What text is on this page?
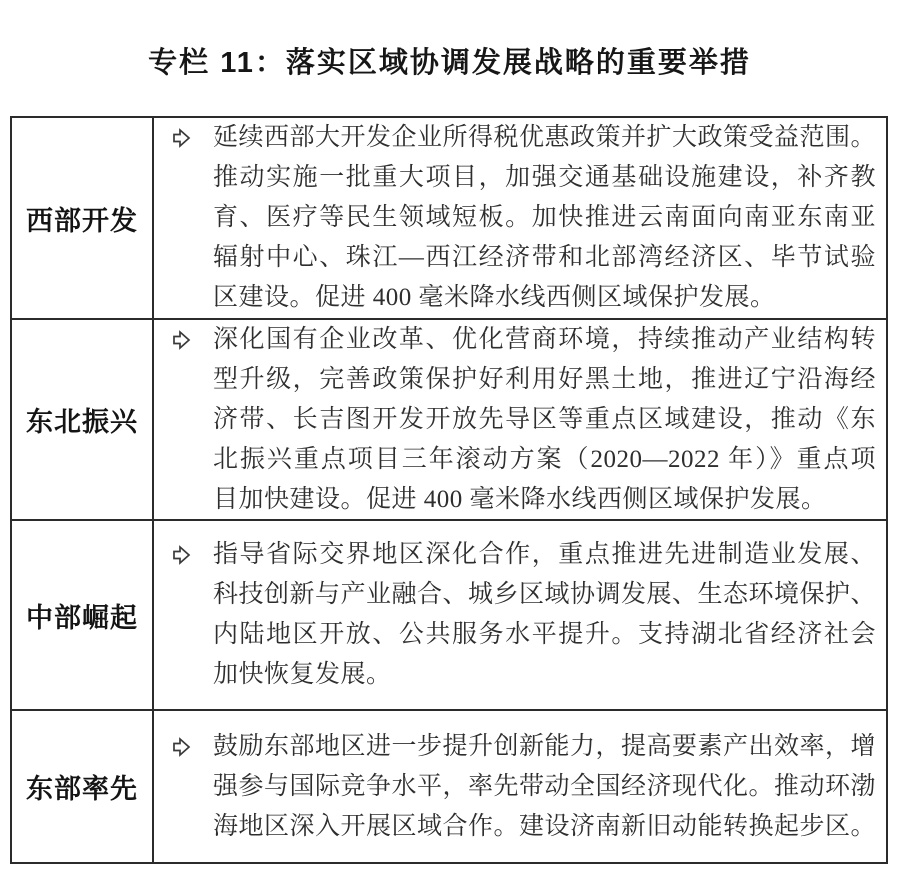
专栏 11：落实区域协调发展战略的重要举措
西部开发
延续西部大开发企业所得税优惠政策并扩大政策受益范围。
推动实施一批重大项目，加强交通基础设施建设，补齐教
育、医疗等民生领域短板。加快推进云南面向南亚东南亚
辐射中心、珠江—西江经济带和北部湾经济区、毕节试验
区建设。促进 400 毫米降水线西侧区域保护发展。
东北振兴
深化国有企业改革、优化营商环境，持续推动产业结构转
型升级，完善政策保护好利用好黑土地，推进辽宁沿海经
济带、长吉图开发开放先导区等重点区域建设，推动《东
北振兴重点项目三年滚动方案（2020—2022 年）》重点项
目加快建设。促进 400 毫米降水线西侧区域保护发展。
中部崛起
指导省际交界地区深化合作，重点推进先进制造业发展、
科技创新与产业融合、城乡区域协调发展、生态环境保护、
内陆地区开放、公共服务水平提升。支持湖北省经济社会
加快恢复发展。
东部率先
鼓励东部地区进一步提升创新能力，提高要素产出效率，增
强参与国际竞争水平，率先带动全国经济现代化。推动环渤
海地区深入开展区域合作。建设济南新旧动能转换起步区。
